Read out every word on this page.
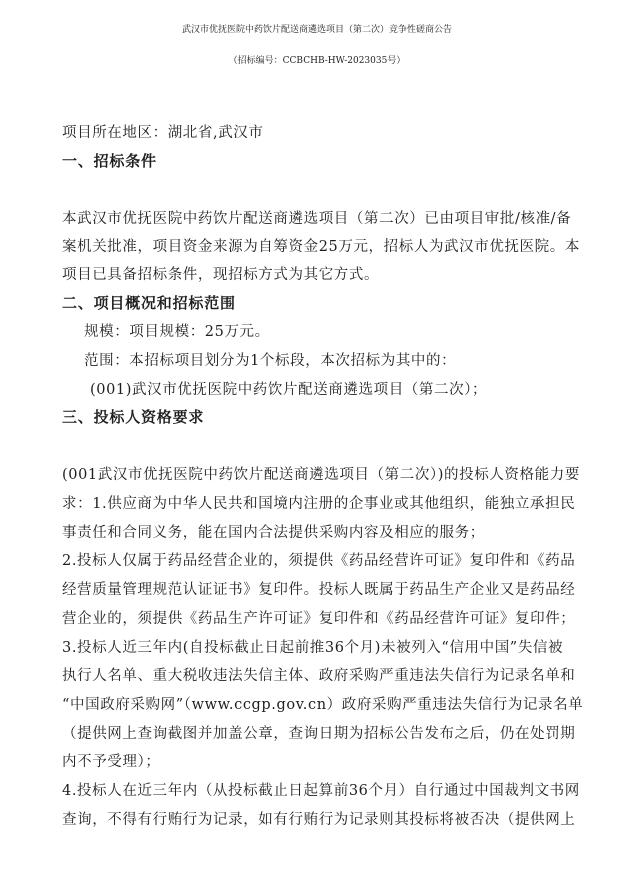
武汉市优抚医院中药饮片配送商遴选项目（第二次）竞争性磋商公告
（招标编号：CCBCHB-HW-2023035号）
项目所在地区：湖北省,武汉市
一、招标条件
本武汉市优抚医院中药饮片配送商遴选项目（第二次）已由项目审批/核准/备
案机关批准，项目资金来源为自筹资金25万元，招标人为武汉市优抚医院。本
项目已具备招标条件，现招标方式为其它方式。
二、项目概况和招标范围
规模：项目规模：25万元。
范围：本招标项目划分为1个标段，本次招标为其中的：
(001)武汉市优抚医院中药饮片配送商遴选项目（第二次）；
三、投标人资格要求
(001武汉市优抚医院中药饮片配送商遴选项目（第二次）)的投标人资格能力要
求：1.供应商为中华人民共和国境内注册的企事业或其他组织，能独立承担民
事责任和合同义务，能在国内合法提供采购内容及相应的服务；
2.投标人仅属于药品经营企业的，须提供《药品经营许可证》复印件和《药品
经营质量管理规范认证证书》复印件。投标人既属于药品生产企业又是药品经
营企业的，须提供《药品生产许可证》复印件和《药品经营许可证》复印件；
3.投标人近三年内(自投标截止日起前推36个月)未被列入“信用中国”失信被
执行人名单、重大税收违法失信主体、政府采购严重违法失信行为记录名单和
“中国政府采购网”（www.ccgp.gov.cn）政府采购严重违法失信行为记录名单
（提供网上查询截图并加盖公章，查询日期为招标公告发布之后，仍在处罚期
内不予受理）；
4.投标人在近三年内（从投标截止日起算前36个月）自行通过中国裁判文书网
查询，不得有行贿行为记录，如有行贿行为记录则其投标将被否决（提供网上
